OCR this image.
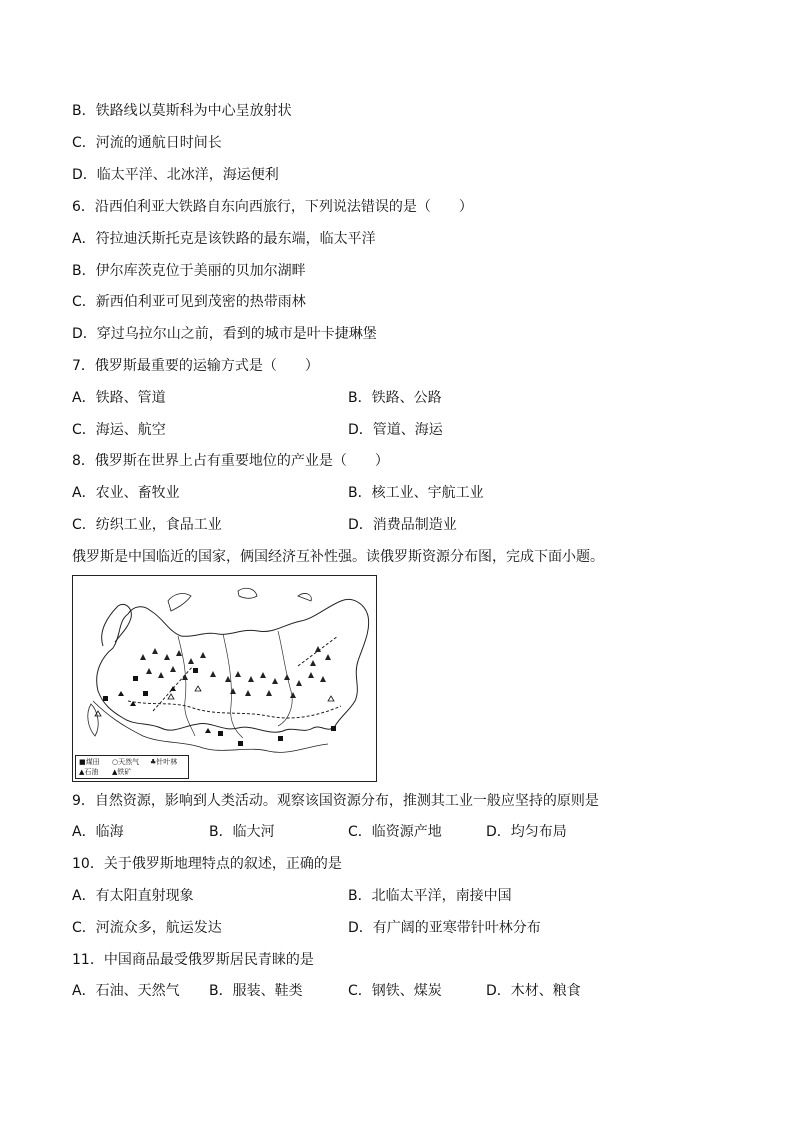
B．铁路线以莫斯科为中心呈放射状
C．河流的通航日时间长
D．临太平洋、北冰洋，海运便利
6．沿西伯利亚大铁路自东向西旅行，下列说法错误的是（　　）
A．符拉迪沃斯托克是该铁路的最东端，临太平洋
B．伊尔库茨克位于美丽的贝加尔湖畔
C．新西伯利亚可见到茂密的热带雨林
D．穿过乌拉尔山之前，看到的城市是叶卡捷琳堡
7．俄罗斯最重要的运输方式是（　　）
A．铁路、管道	B．铁路、公路
C．海运、航空	D．管道、海运
8．俄罗斯在世界上占有重要地位的产业是（　　）
A．农业、畜牧业	B．核工业、宇航工业
C．纺织工业，食品工业	D．消费品制造业
俄罗斯是中国临近的国家，俩国经济互补性强。读俄罗斯资源分布图，完成下面小题。
■煤田 ○天然气 ♣针叶林
▲石油 ▲铁矿
9．自然资源，影响到人类活动。观察该国资源分布，推测其工业一般应坚持的原则是
A．临海	B．临大河	C．临资源产地	D．均匀布局
10．关于俄罗斯地理特点的叙述，正确的是
A．有太阳直射现象	B．北临太平洋，南接中国
C．河流众多，航运发达	D．有广阔的亚寒带针叶林分布
11．中国商品最受俄罗斯居民青睐的是
A．石油、天然气 B．服装、鞋类	C．钢铁、煤炭	D．木材、粮食
